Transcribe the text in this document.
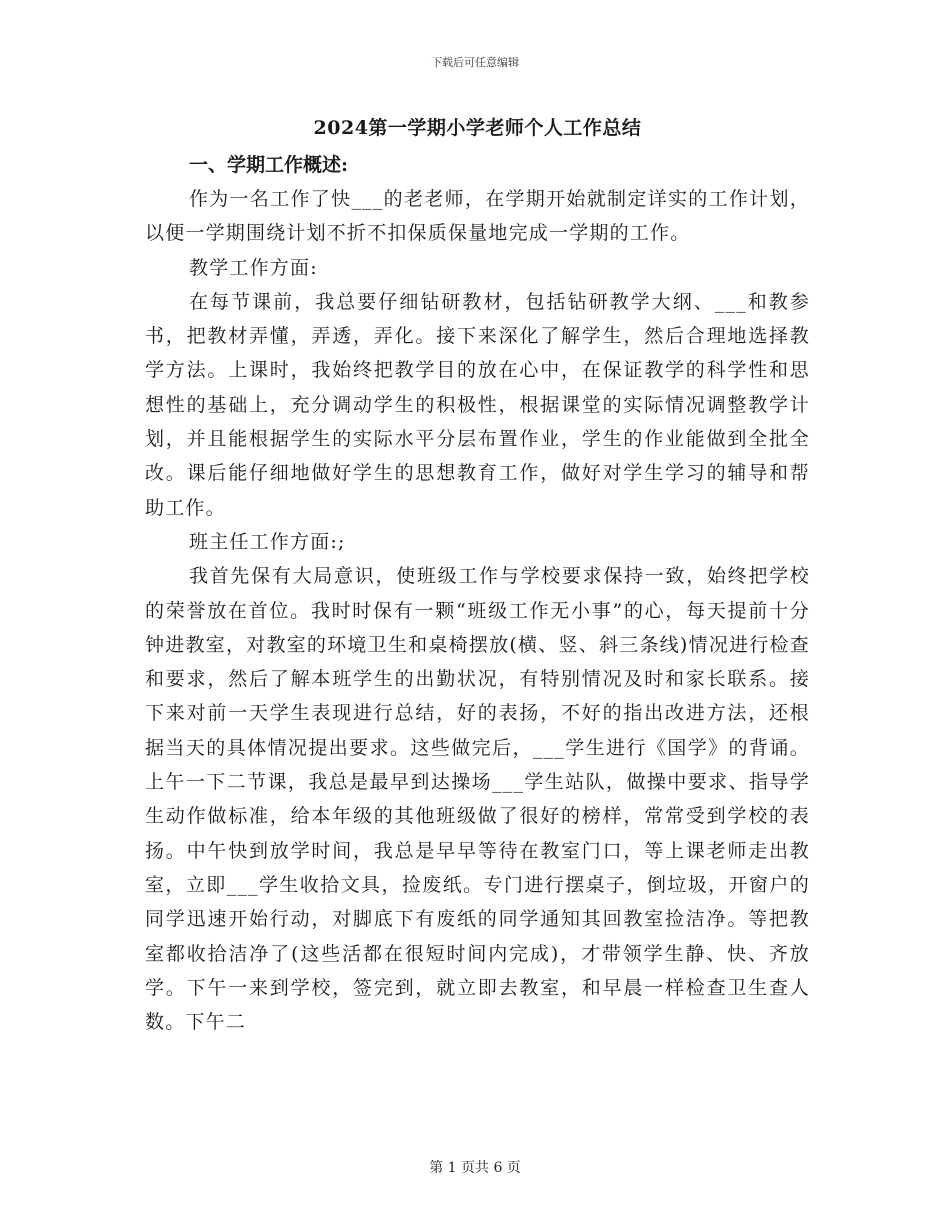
下载后可任意编辑

2024第一学期小学老师个人工作总结

一、学期工作概述:

作为一名工作了快___的老老师，在学期开始就制定详实的工作计划，以便一学期围绕计划不折不扣保质保量地完成一学期的工作。

教学工作方面:

在每节课前，我总要仔细钻研教材，包括钻研教学大纲、___和教参书，把教材弄懂，弄透，弄化。接下来深化了解学生，然后合理地选择教学方法。上课时，我始终把教学目的放在心中，在保证教学的科学性和思想性的基础上，充分调动学生的积极性，根据课堂的实际情况调整教学计划，并且能根据学生的实际水平分层布置作业，学生的作业能做到全批全改。课后能仔细地做好学生的思想教育工作，做好对学生学习的辅导和帮助工作。

班主任工作方面:;

我首先保有大局意识，使班级工作与学校要求保持一致，始终把学校的荣誉放在首位。我时时保有一颗“班级工作无小事”的心，每天提前十分钟进教室，对教室的环境卫生和桌椅摆放(横、竖、斜三条线)情况进行检查和要求，然后了解本班学生的出勤状况，有特别情况及时和家长联系。接下来对前一天学生表现进行总结，好的表扬，不好的指出改进方法，还根据当天的具体情况提出要求。这些做完后，___学生进行《国学》的背诵。上午一下二节课，我总是最早到达操场___学生站队，做操中要求、指导学生动作做标准，给本年级的其他班级做了很好的榜样，常常受到学校的表扬。中午快到放学时间，我总是早早等待在教室门口，等上课老师走出教室，立即___学生收拾文具，捡废纸。专门进行摆桌子，倒垃圾，开窗户的同学迅速开始行动，对脚底下有废纸的同学通知其回教室捡洁净。等把教室都收拾洁净了(这些活都在很短时间内完成)，才带领学生静、快、齐放学。下午一来到学校，签完到，就立即去教室，和早晨一样检查卫生查人数。下午二

第 1 页共 6 页
